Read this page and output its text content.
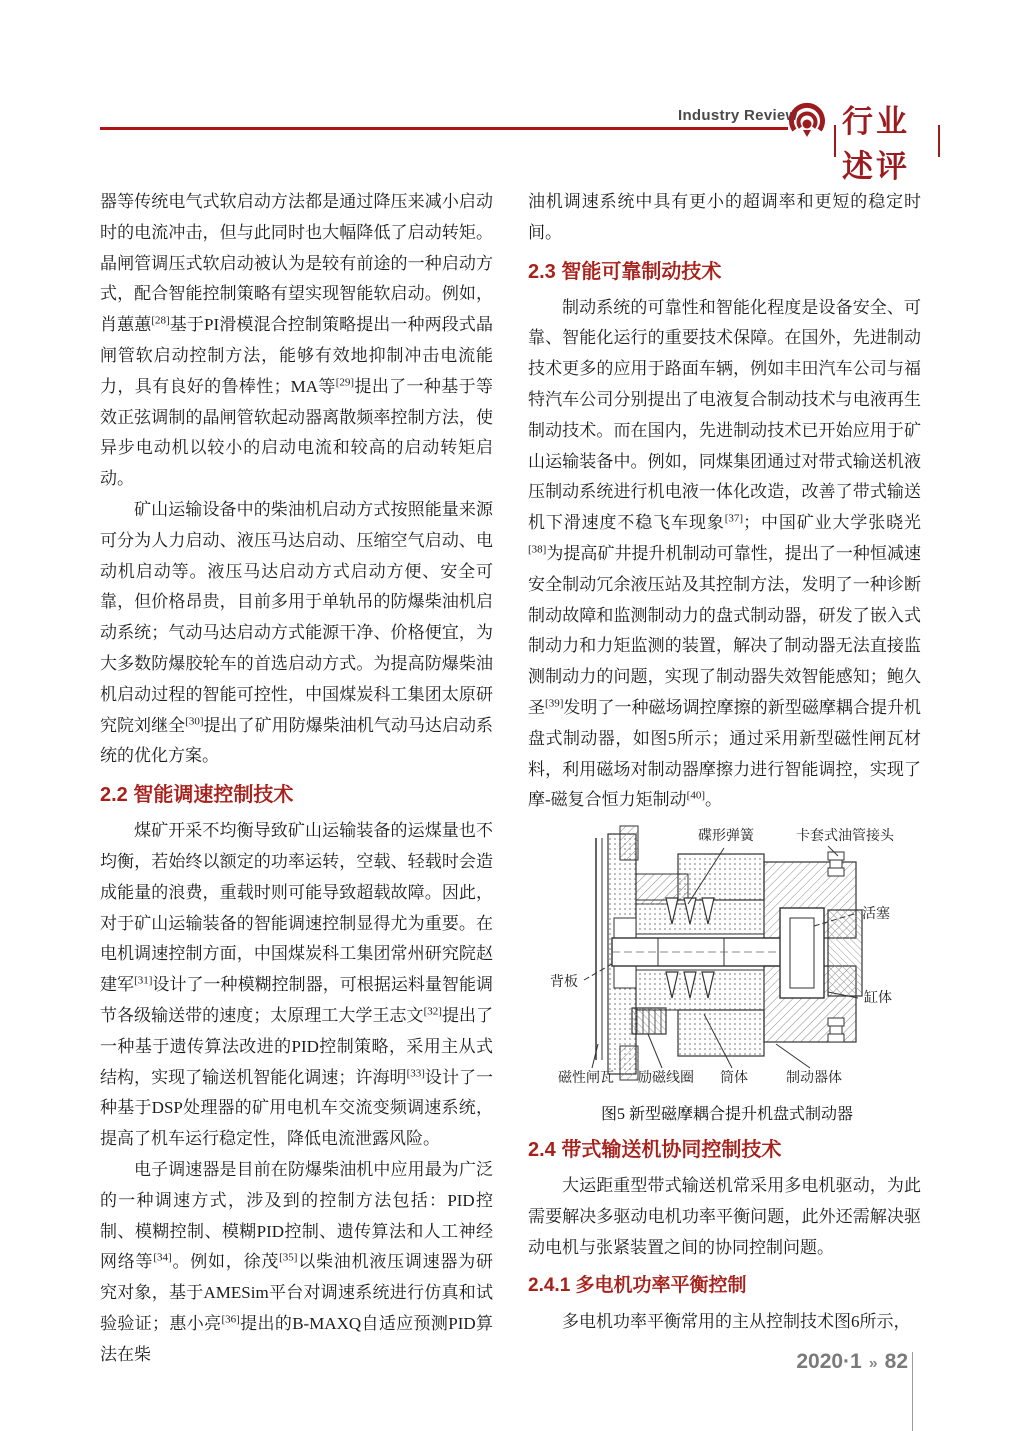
Industry Review 行业述评

器等传统电气式软启动方法都是通过降压来减小启动时的电流冲击，但与此同时也大幅降低了启动转矩。晶闸管调压式软启动被认为是较有前途的一种启动方式，配合智能控制策略有望实现智能软启动。例如，肖蕙蕙[28]基于PI滑模混合控制策略提出一种两段式晶闸管软启动控制方法，能够有效地抑制冲击电流能力，具有良好的鲁棒性；MA等[29]提出了一种基于等效正弦调制的晶闸管软起动器离散频率控制方法，使异步电动机以较小的启动电流和较高的启动转矩启动。

矿山运输设备中的柴油机启动方式按照能量来源可分为人力启动、液压马达启动、压缩空气启动、电动机启动等。液压马达启动方式启动方便、安全可靠，但价格昂贵，目前多用于单轨吊的防爆柴油机启动系统；气动马达启动方式能源干净、价格便宜，为大多数防爆胶轮车的首选启动方式。为提高防爆柴油机启动过程的智能可控性，中国煤炭科工集团太原研究院刘继全[30]提出了矿用防爆柴油机气动马达启动系统的优化方案。

2.2 智能调速控制技术

煤矿开采不均衡导致矿山运输装备的运煤量也不均衡，若始终以额定的功率运转，空载、轻载时会造成能量的浪费，重载时则可能导致超载故障。因此，对于矿山运输装备的智能调速控制显得尤为重要。在电机调速控制方面，中国煤炭科工集团常州研究院赵建军[31]设计了一种模糊控制器，可根据运料量智能调节各级输送带的速度；太原理工大学王志文[32]提出了一种基于遗传算法改进的PID控制策略，采用主从式结构，实现了输送机智能化调速；许海明[33]设计了一种基于DSP处理器的矿用电机车交流变频调速系统，提高了机车运行稳定性，降低电流泄露风险。

电子调速器是目前在防爆柴油机中应用最为广泛的一种调速方式，涉及到的控制方法包括：PID控制、模糊控制、模糊PID控制、遗传算法和人工神经网络等[34]。例如，徐茂[35]以柴油机液压调速器为研究对象，基于AMESim平台对调速系统进行仿真和试验验证；惠小亮[36]提出的B-MAXQ自适应预测PID算法在柴

油机调速系统中具有更小的超调率和更短的稳定时间。

2.3 智能可靠制动技术

制动系统的可靠性和智能化程度是设备安全、可靠、智能化运行的重要技术保障。在国外，先进制动技术更多的应用于路面车辆，例如丰田汽车公司与福特汽车公司分别提出了电液复合制动技术与电液再生制动技术。而在国内，先进制动技术已开始应用于矿山运输装备中。例如，同煤集团通过对带式输送机液压制动系统进行机电液一体化改造，改善了带式输送机下滑速度不稳飞车现象[37]；中国矿业大学张晓光[38]为提高矿井提升机制动可靠性，提出了一种恒减速安全制动冗余液压站及其控制方法，发明了一种诊断制动故障和监测制动力的盘式制动器，研发了嵌入式制动力和力矩监测的装置，解决了制动器无法直接监测制动力的问题，实现了制动器失效智能感知；鲍久圣[39]发明了一种磁场调控摩擦的新型磁摩耦合提升机盘式制动器，如图5所示；通过采用新型磁性闸瓦材料，利用磁场对制动器摩擦力进行智能调控，实现了摩-磁复合恒力矩制动[40]。

碟形弹簧	卡套式油管接头
活塞
缸体
背板
磁性闸瓦 励磁线圈 筒体	制动器体
图5 新型磁摩耦合提升机盘式制动器
2.4 带式输送机协同控制技术

大运距重型带式输送机常采用多电机驱动，为此需要解决多驱动电机功率平衡问题，此外还需解决驱动电机与张紧装置之间的协同控制问题。

2.4.1 多电机功率平衡控制

多电机功率平衡常用的主从控制技术图6所示，

2020·1 » 82
